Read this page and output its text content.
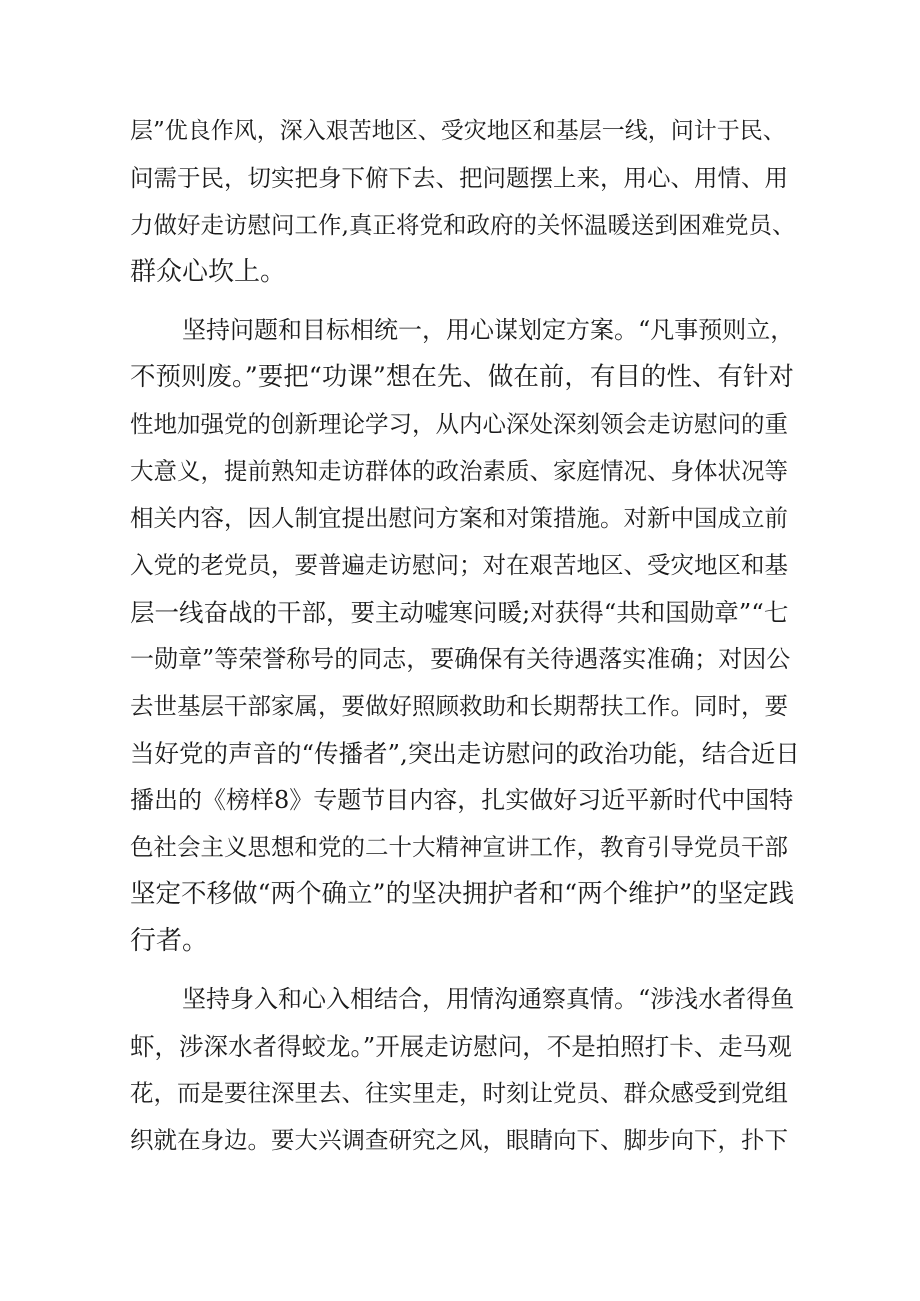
层”优良作风，深入艰苦地区、受灾地区和基层一线，问计于民、
问需于民，切实把身下俯下去、把问题摆上来，用心、用情、用
力做好走访慰问工作,真正将党和政府的关怀温暖送到困难党员、
群众心坎上。
坚持问题和目标相统一，用心谋划定方案。“凡事预则立，
不预则废。”要把“功课”想在先、做在前，有目的性、有针对
性地加强党的创新理论学习，从内心深处深刻领会走访慰问的重
大意义，提前熟知走访群体的政治素质、家庭情况、身体状况等
相关内容，因人制宜提出慰问方案和对策措施。对新中国成立前
入党的老党员，要普遍走访慰问；对在艰苦地区、受灾地区和基
层一线奋战的干部，要主动嘘寒问暖;对获得“共和国勋章”“七
一勋章”等荣誉称号的同志，要确保有关待遇落实准确；对因公
去世基层干部家属，要做好照顾救助和长期帮扶工作。同时，要
当好党的声音的“传播者”,突出走访慰问的政治功能，结合近日
播出的《榜样8》专题节目内容，扎实做好习近平新时代中国特
色社会主义思想和党的二十大精神宣讲工作，教育引导党员干部
坚定不移做“两个确立”的坚决拥护者和“两个维护”的坚定践
行者。
坚持身入和心入相结合，用情沟通察真情。“涉浅水者得鱼
虾，涉深水者得蛟龙。”开展走访慰问，不是拍照打卡、走马观
花，而是要往深里去、往实里走，时刻让党员、群众感受到党组
织就在身边。要大兴调查研究之风，眼睛向下、脚步向下，扑下
